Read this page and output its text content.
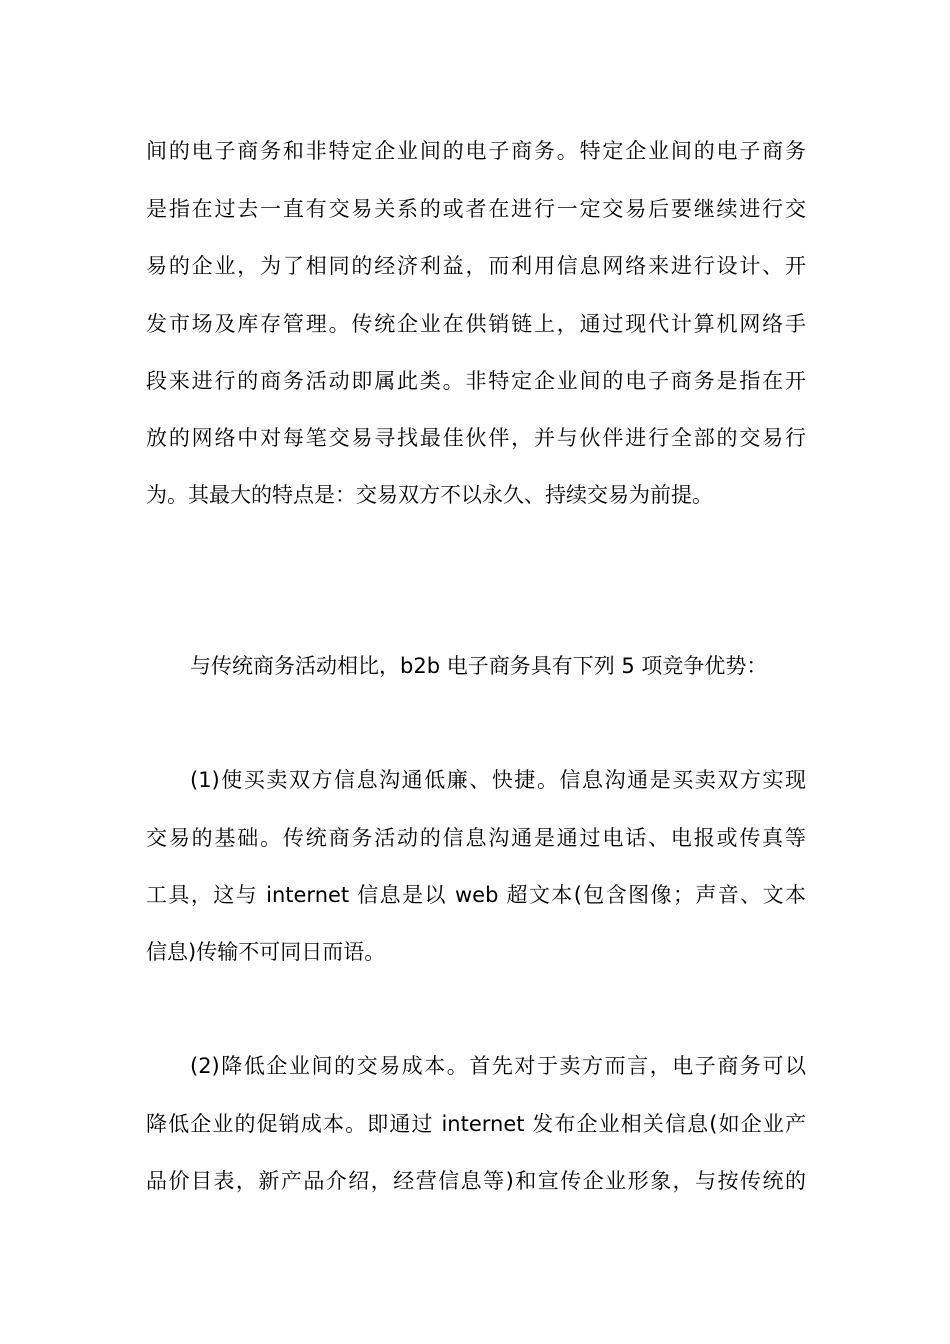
间的电子商务和非特定企业间的电子商务。特定企业间的电子商务
是指在过去一直有交易关系的或者在进行一定交易后要继续进行交
易的企业，为了相同的经济利益，而利用信息网络来进行设计、开
发市场及库存管理。传统企业在供销链上，通过现代计算机网络手
段来进行的商务活动即属此类。非特定企业间的电子商务是指在开
放的网络中对每笔交易寻找最佳伙伴，并与伙伴进行全部的交易行
为。其最大的特点是：交易双方不以永久、持续交易为前提。
与传统商务活动相比，b2b 电子商务具有下列 5 项竞争优势：
(1)使买卖双方信息沟通低廉、快捷。信息沟通是买卖双方实现
交易的基础。传统商务活动的信息沟通是通过电话、电报或传真等
工具，这与 internet 信息是以 web 超文本(包含图像；声音、文本
信息)传输不可同日而语。
(2)降低企业间的交易成本。首先对于卖方而言，电子商务可以
降低企业的促销成本。即通过 internet 发布企业相关信息(如企业产
品价目表，新产品介绍，经营信息等)和宣传企业形象，与按传统的
